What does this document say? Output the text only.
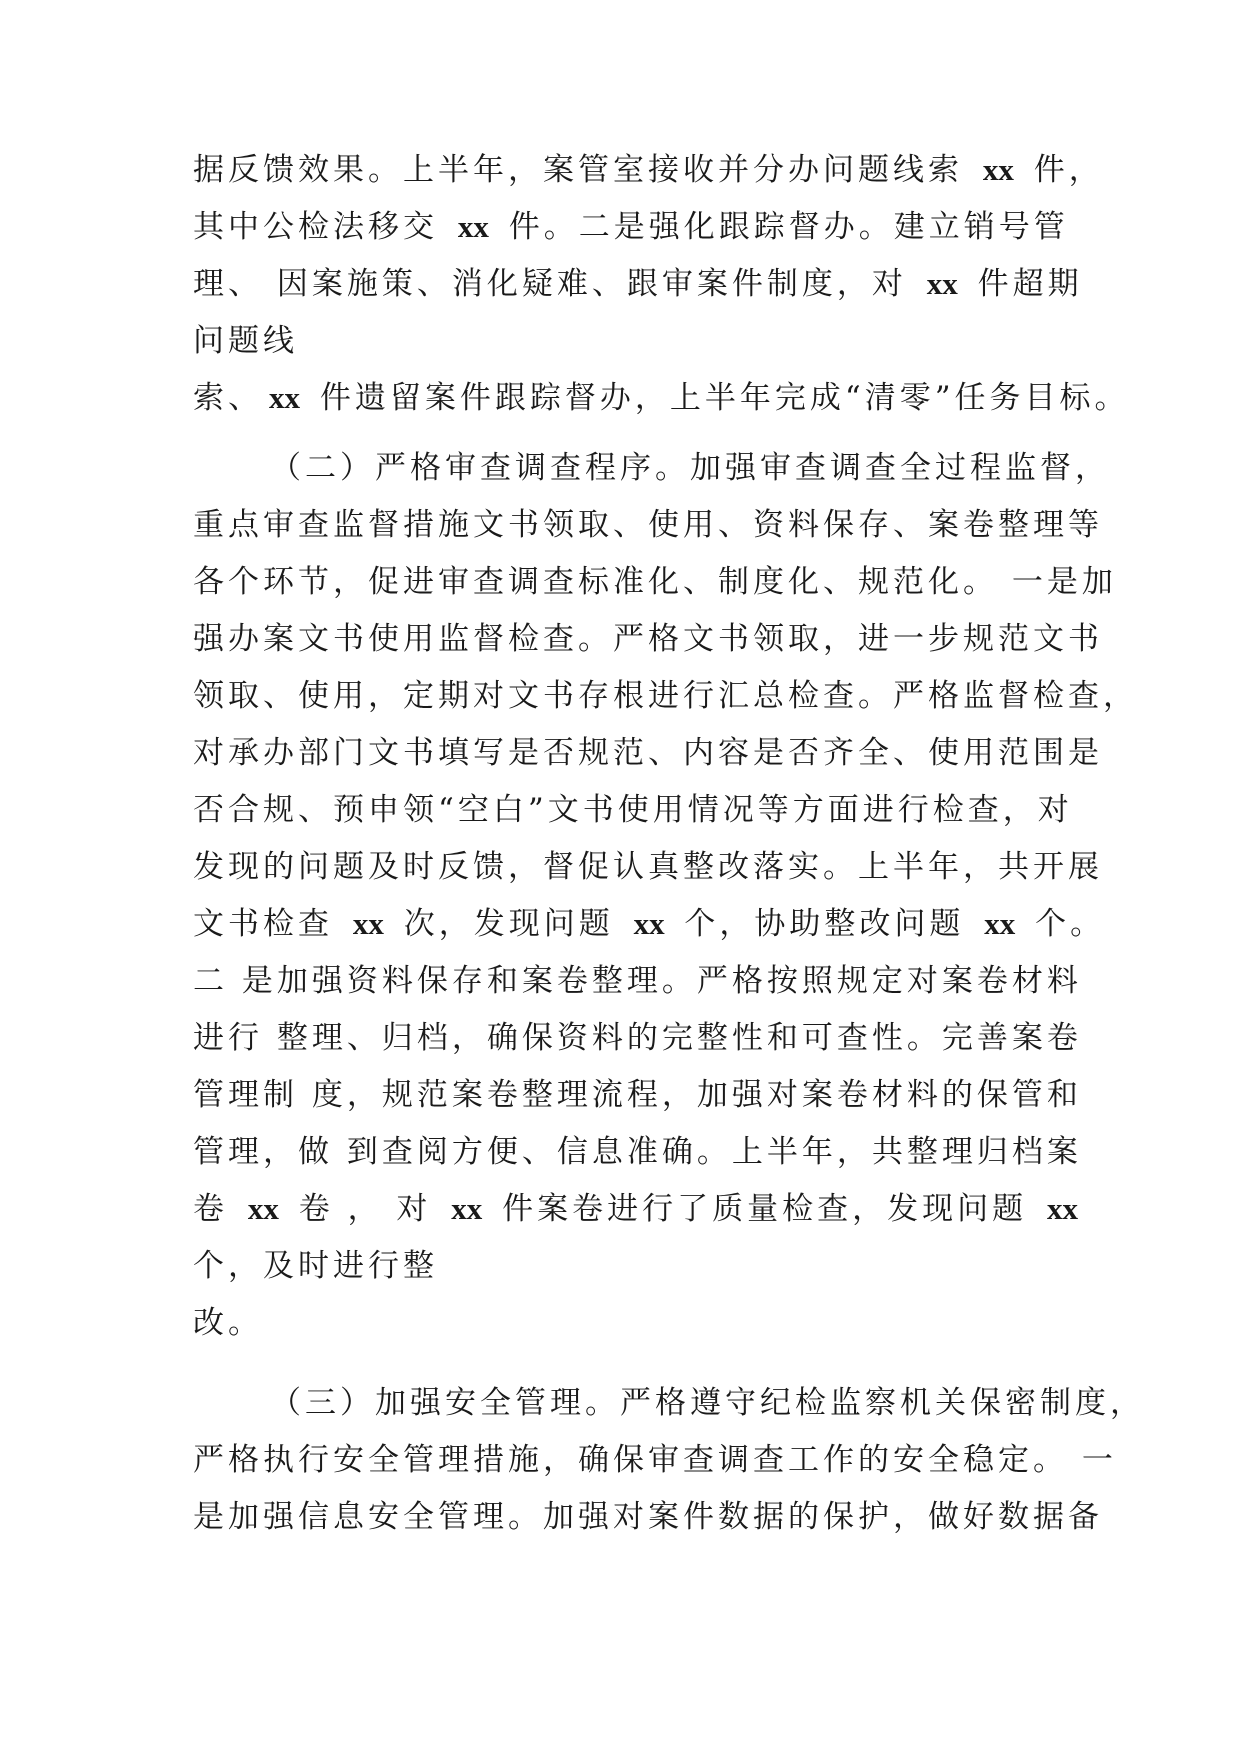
据反馈效果。上半年，案管室接收并分办问题线索 xx 件，

其中公检法移交 xx 件。二是强化跟踪督办。建立销号管

理、 因案施策、消化疑难、跟审案件制度，对 xx 件超期

问题线

索、 xx 件遗留案件跟踪督办，上半年完成“清零”任务目标。

（二）严格审查调查程序。加强审查调查全过程监督，

重点审查监督措施文书领取、使用、资料保存、案卷整理等

各个环节，促进审查调查标准化、制度化、规范化。 一是加

强办案文书使用监督检查。严格文书领取，进一步规范文书

领取、使用，定期对文书存根进行汇总检查。严格监督检查，

对承办部门文书填写是否规范、内容是否齐全、使用范围是

否合规、预申领“空白”文书使用情况等方面进行检查，对

发现的问题及时反馈，督促认真整改落实。上半年，共开展

文书检查 xx 次，发现问题 xx 个，协助整改问题 xx 个。

二 是加强资料保存和案卷整理。严格按照规定对案卷材料

进行 整理、归档，确保资料的完整性和可查性。完善案卷

管理制 度，规范案卷整理流程，加强对案卷材料的保管和

管理，做 到查阅方便、信息准确。上半年，共整理归档案

卷 xx 卷 ， 对 xx 件案卷进行了质量检查，发现问题 xx

个，及时进行整

改。

（三）加强安全管理。严格遵守纪检监察机关保密制度，

严格执行安全管理措施，确保审查调查工作的安全稳定。 一

是加强信息安全管理。加强对案件数据的保护，做好数据备
